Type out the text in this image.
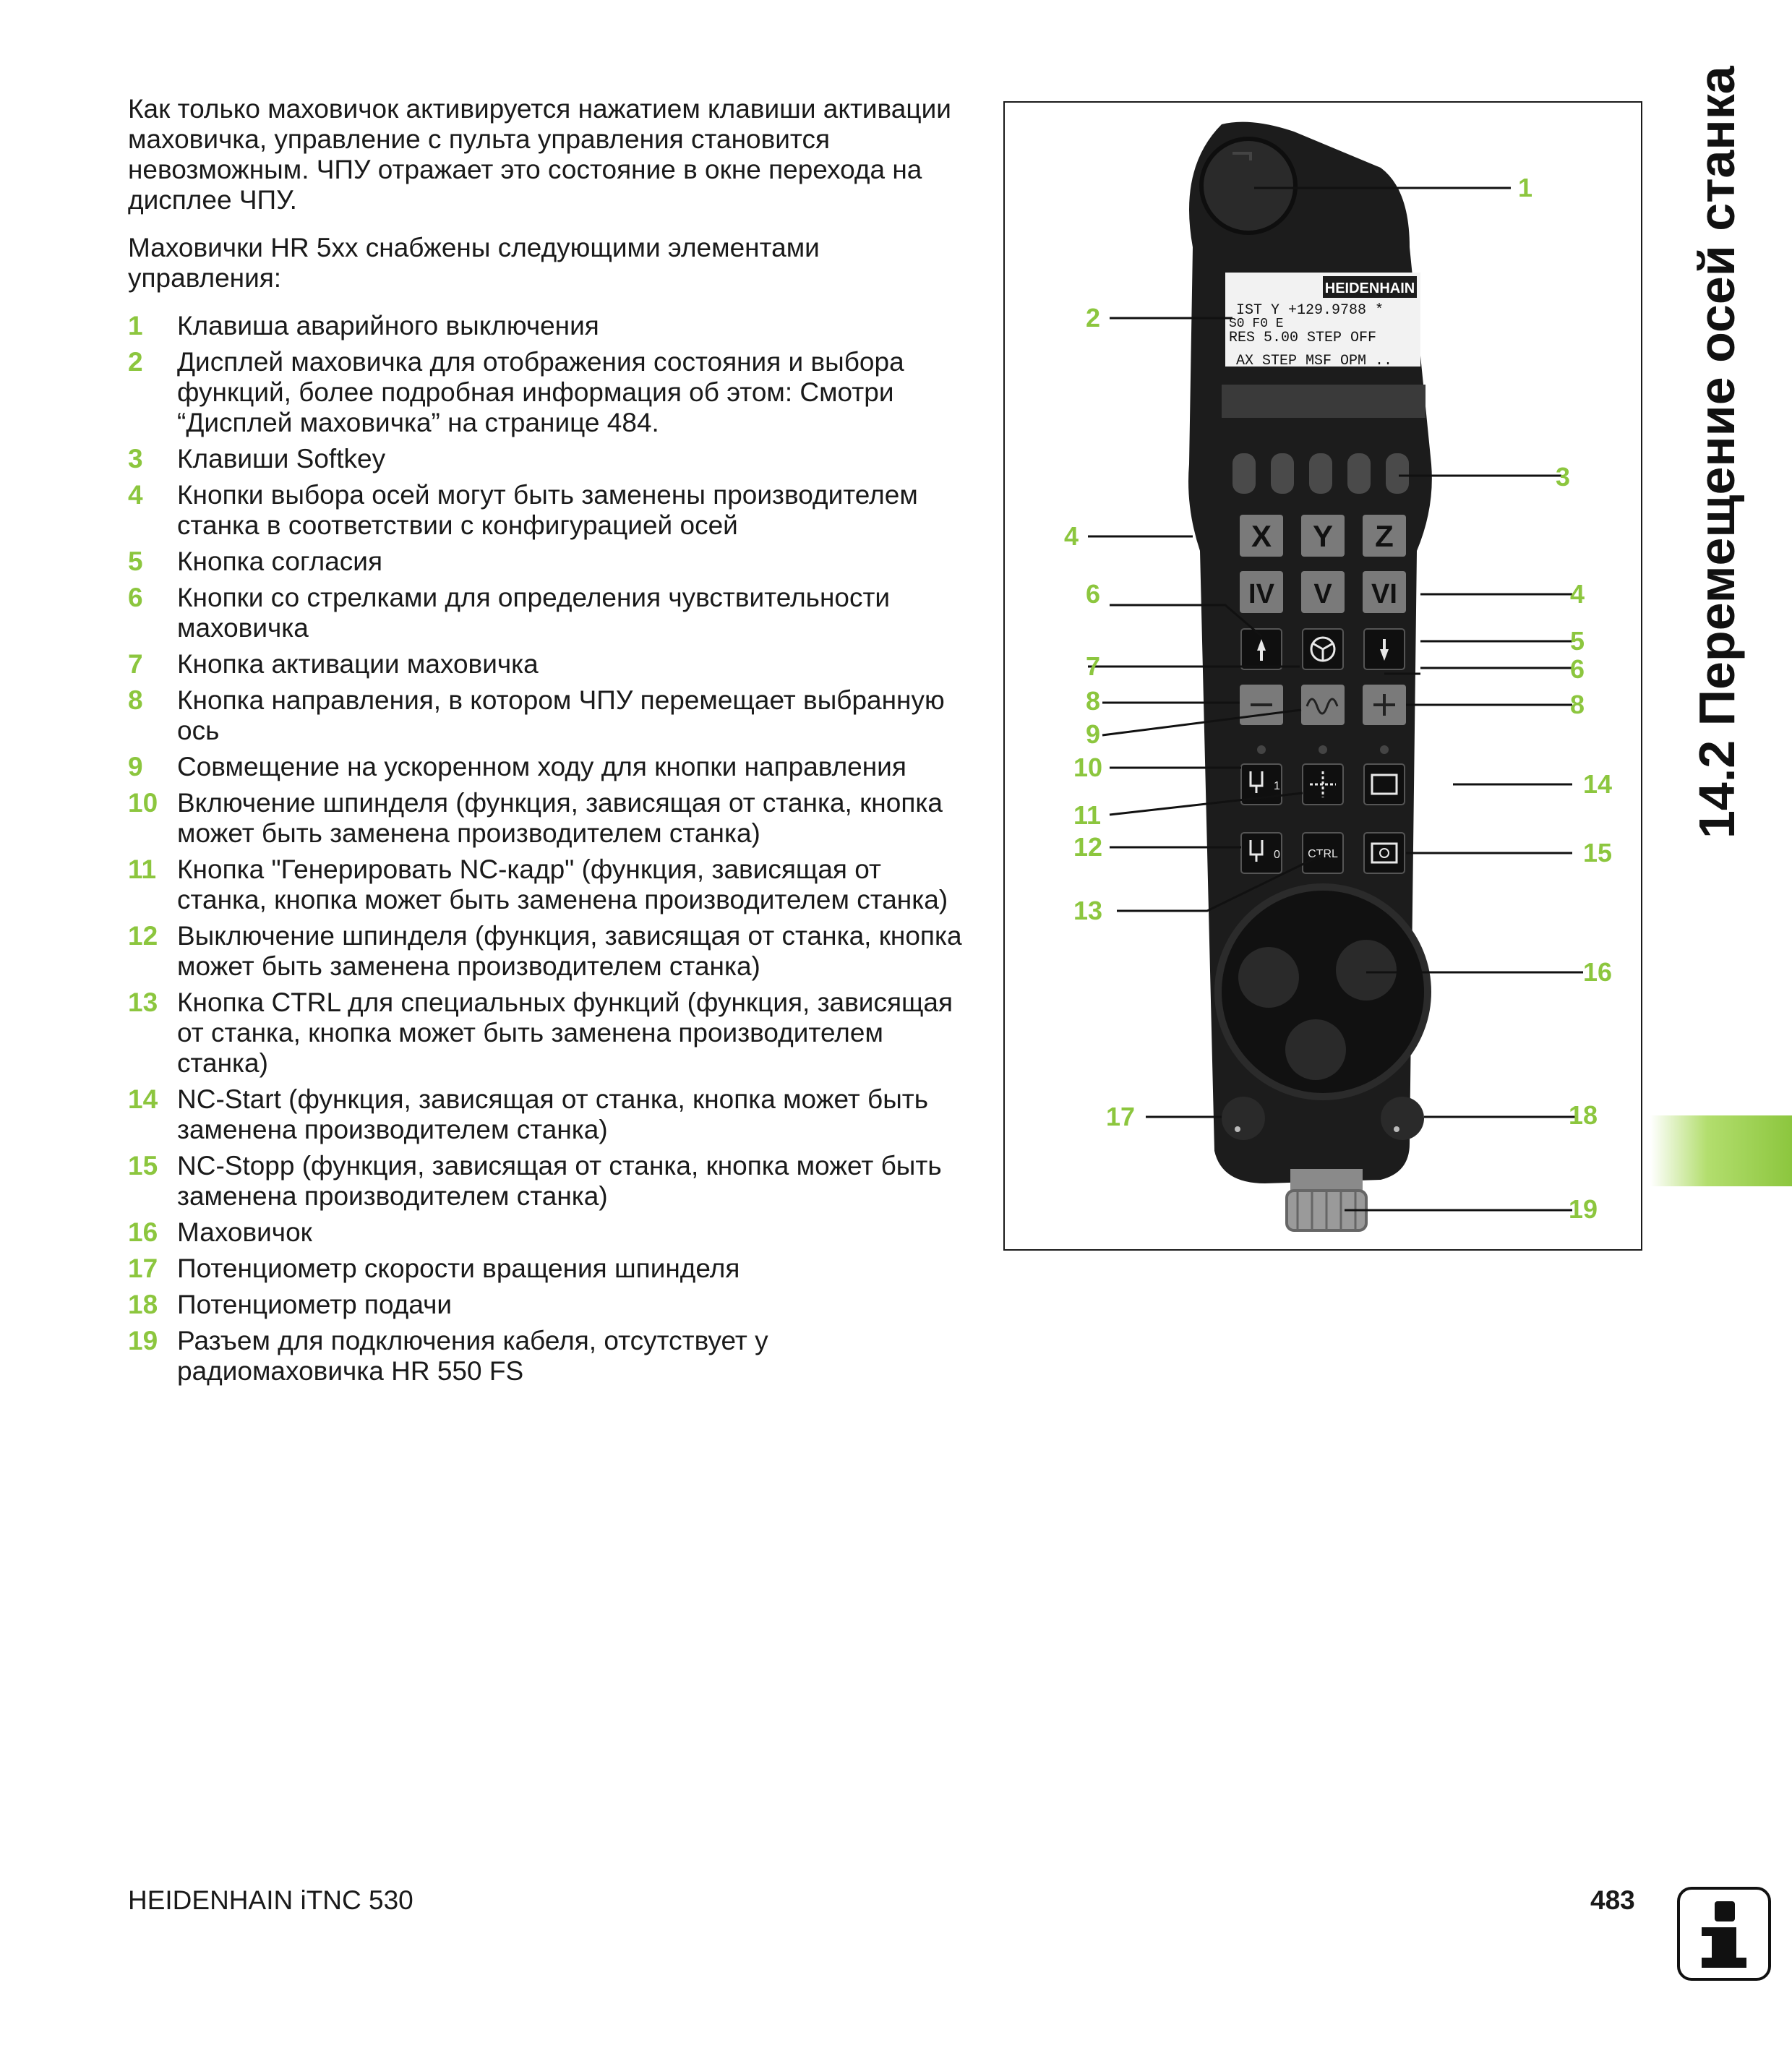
Как только маховичок активируется нажатием клавиши активации маховичка, управление с пульта управления становится невозможным. ЧПУ отражает это состояние в окне перехода на дисплее ЧПУ.

Маховички HR 5xx снабжены следующими элементами управления:

1 Клавиша аварийного выключения
2 Дисплей маховичка для отображения состояния и выбора функций, более подробная информация об этом: Смотри “Дисплей маховичка” на странице 484.
3 Клавиши Softkey
4 Кнопки выбора осей могут быть заменены производителем станка в соответствии с конфигурацией осей
5 Кнопка согласия
6 Кнопки со стрелками для определения чувствительности маховичка
7 Кнопка активации маховичка
8 Кнопка направления, в котором ЧПУ перемещает выбранную ось
9 Совмещение на ускоренном ходу для кнопки направления
10 Включение шпинделя (функция, зависящая от станка, кнопка может быть заменена производителем станка)
11 Кнопка "Генерировать NC-кадр" (функция, зависящая от станка, кнопка может быть заменена производителем станка)
12 Выключение шпинделя (функция, зависящая от станка, кнопка может быть заменена производителем станка)
13 Кнопка CTRL для специальных функций (функция, зависящая от станка, кнопка может быть заменена производителем станка)
14 NC-Start (функция, зависящая от станка, кнопка может быть заменена производителем станка)
15 NC-Stopp (функция, зависящая от станка, кнопка может быть заменена производителем станка)
16 Маховичок
17 Потенциометр скорости вращения шпинделя
18 Потенциометр подачи
19 Разъем для подключения кабеля, отсутствует у радиомаховичка HR 550 FS
HEIDENHAIN
IST Y +129.9788 *
S0 F0 E
RES 5.00 STEP OFF
AX STEP MSF OPM ..
X Y Z
IV V VI
1
0 CTRL
1
2
3
4
6	4
5
7	6
8	8
9
10
14
11
12	15
13
16
17	18
19
14.2 Перемещение осей станка
HEIDENHAIN iTNC 530	483
